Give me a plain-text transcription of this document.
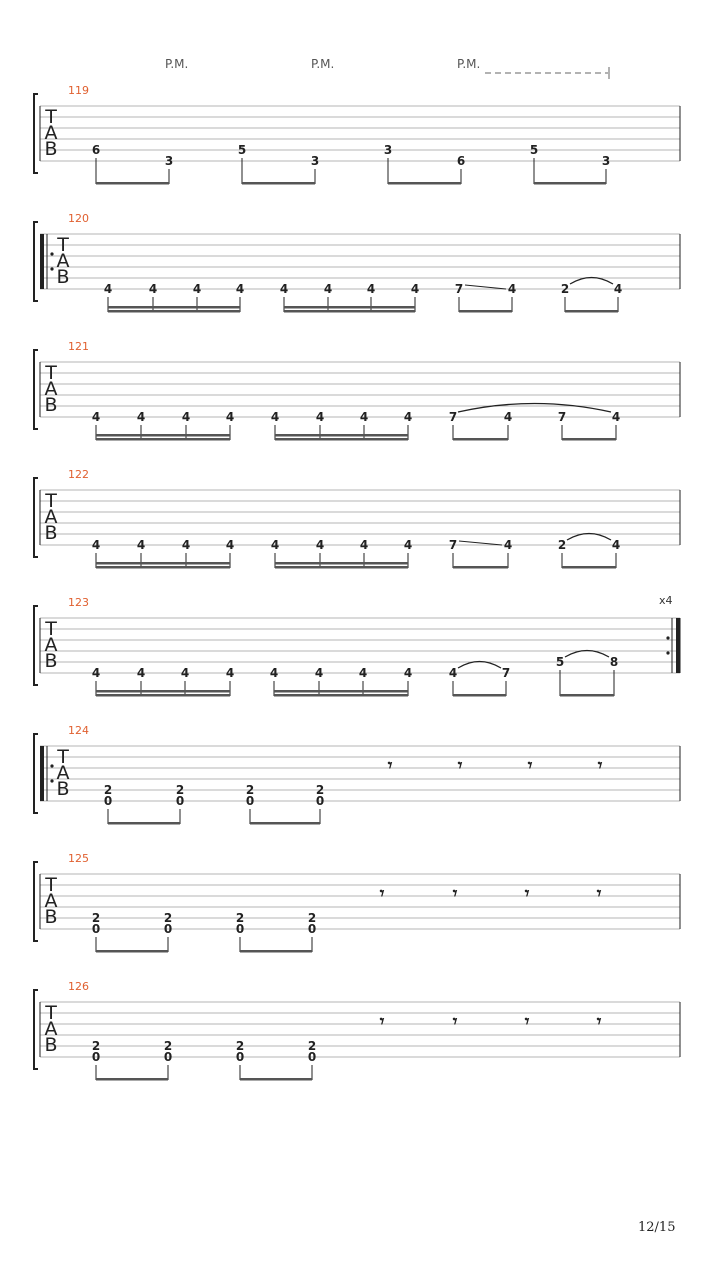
P.M.	P.M.	P.M.
119
T
A
B	6
3
5
3
3
6
5
3
120
T
A
B
4	4	4	4	4	4	4	4	7	4	2	4
121
T
A
B
4	4	4	4	4	4	4	4	7	4	7	4
122
T
A
B
4	4	4	4	4	4	4	4	7	4	2	4
123
T
A
B
x4
4	4	4	4	4	4	4	4	4	7
5	8
124
T
A
B	2
0
2
0
2
0
2
0
𝄾	𝄾	𝄾	𝄾
125
T
A
B	2
0
2
0
2
0
2
0
𝄾	𝄾	𝄾	𝄾
126
T
A
B	2
0
2
0
2
0
2
0
𝄾	𝄾	𝄾	𝄾
12/15
